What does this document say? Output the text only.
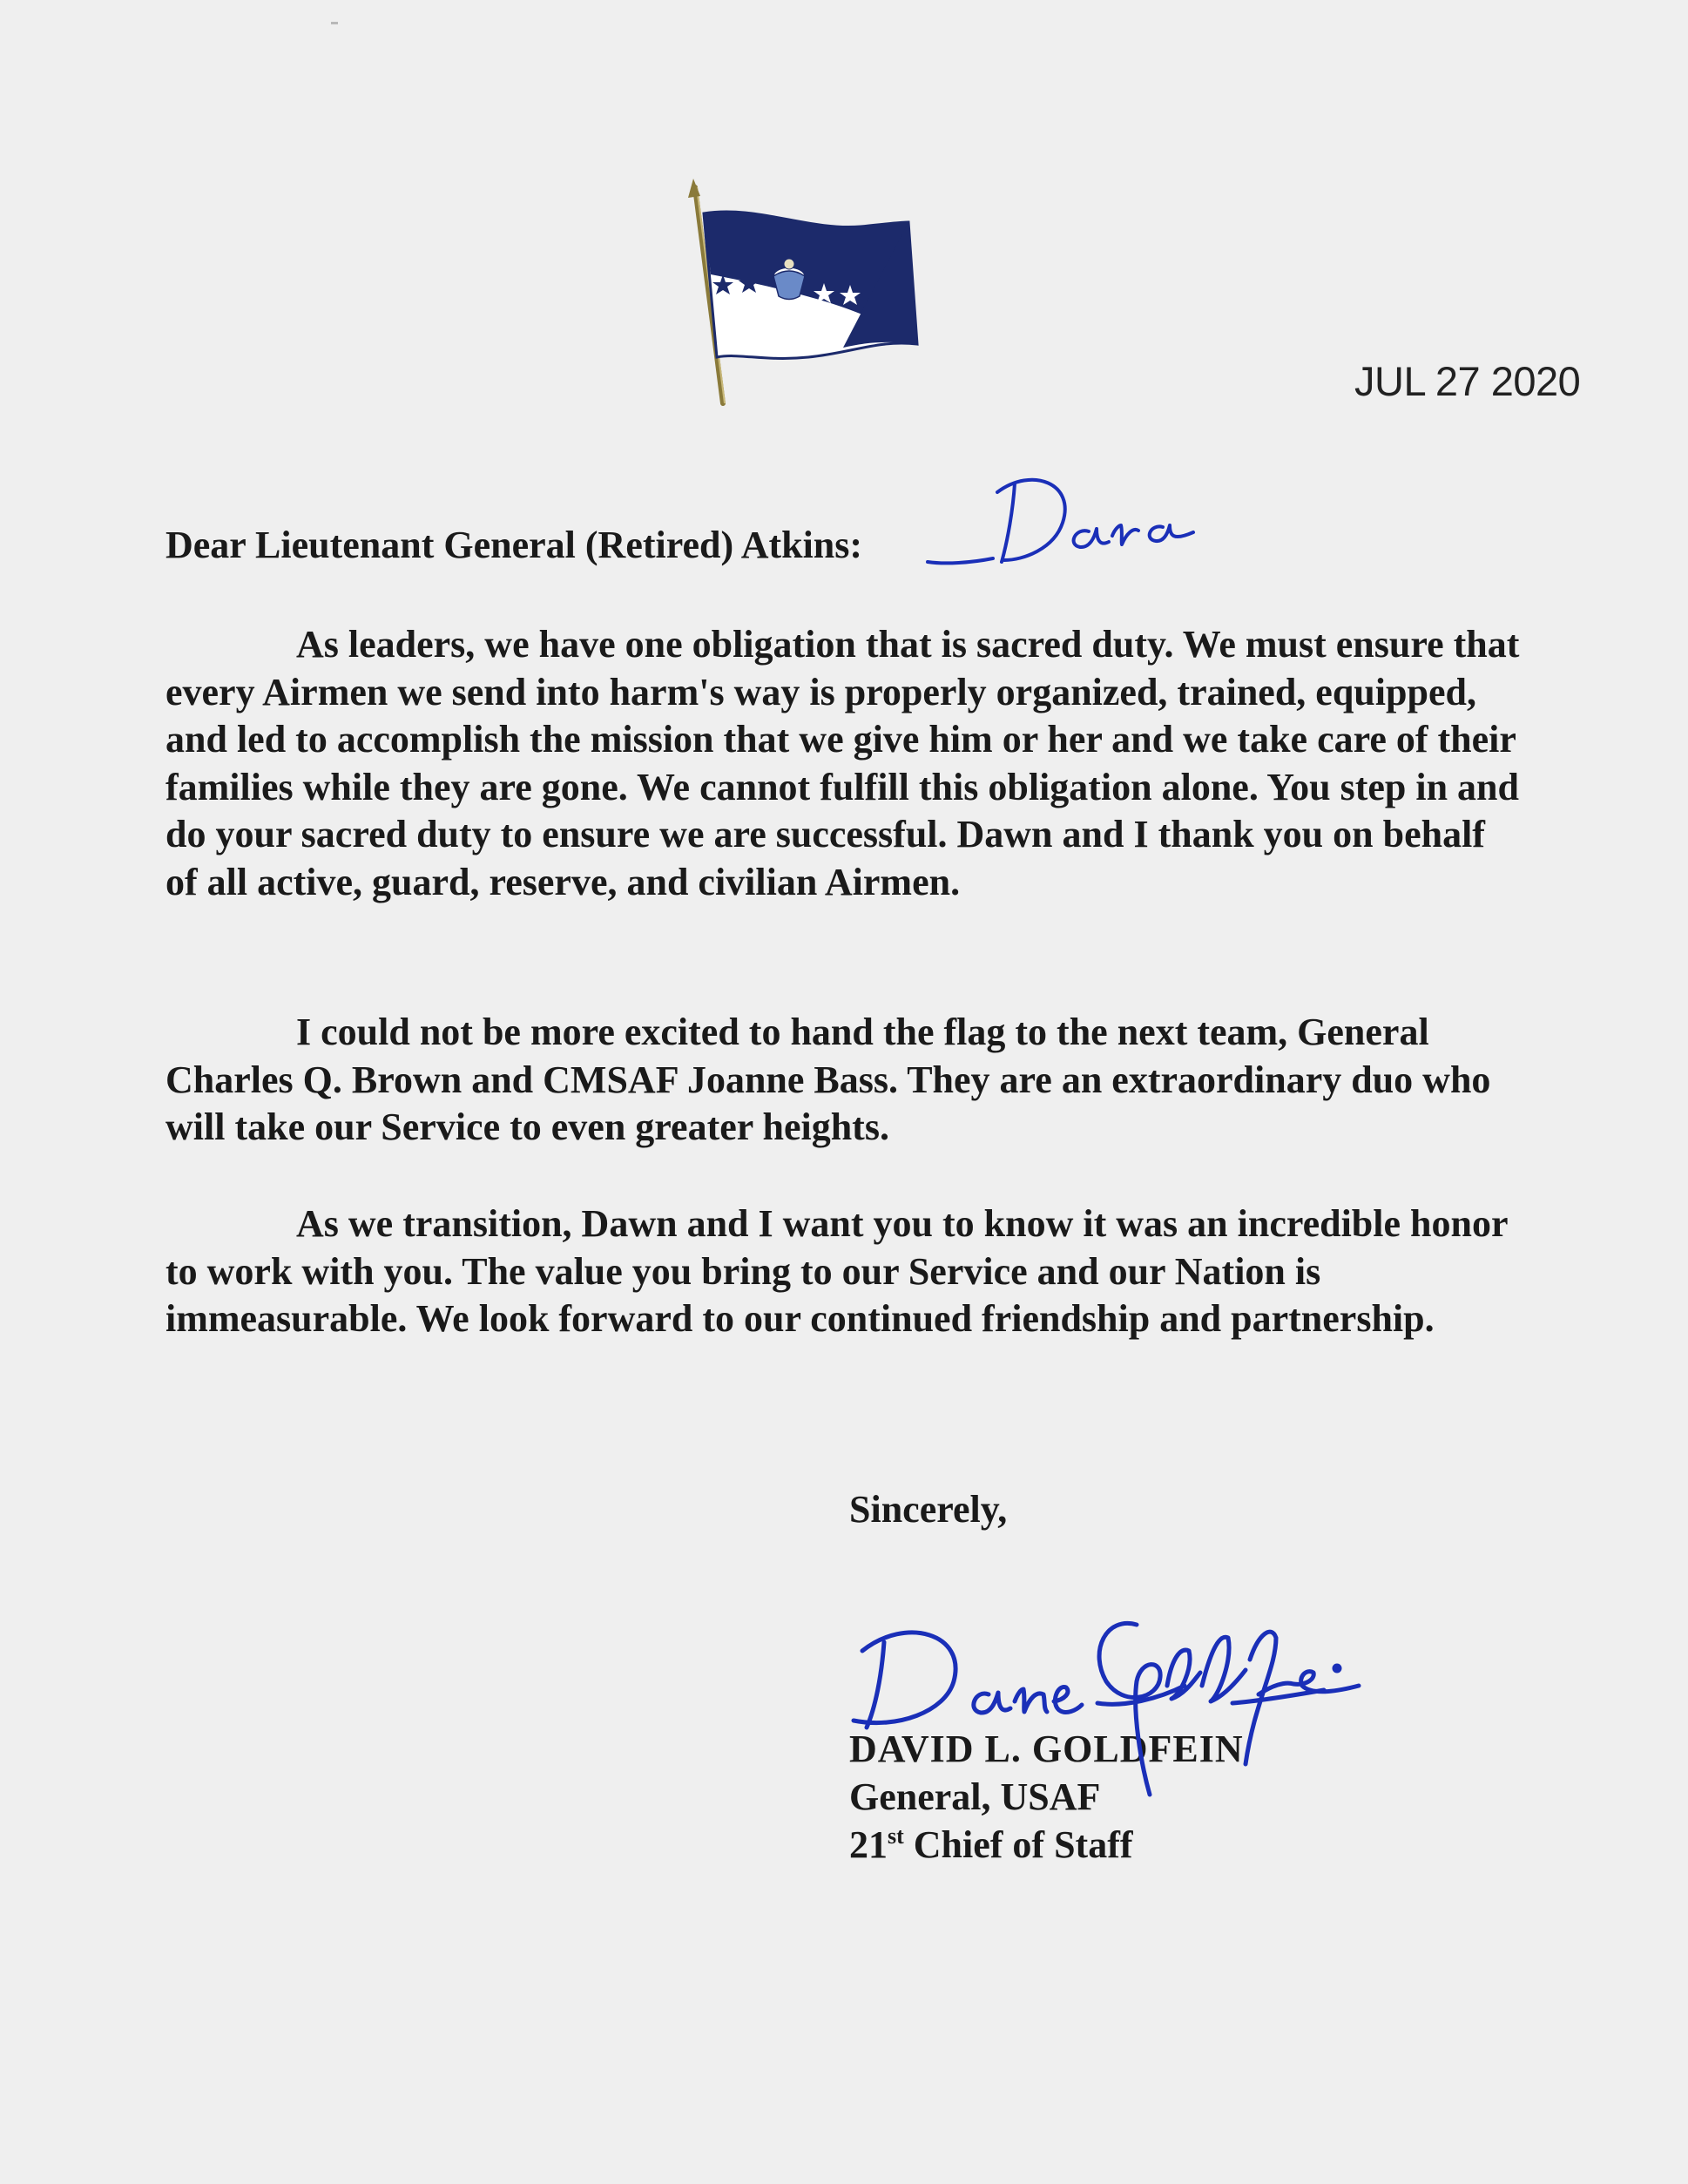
JUL 27 2020
Dear Lieutenant General (Retired) Atkins:

As leaders, we have one obligation that is sacred duty. We must ensure that every Airmen we send into harm's way is properly organized, trained, equipped, and led to accomplish the mission that we give him or her and we take care of their families while they are gone. We cannot fulfill this obligation alone. You step in and do your sacred duty to ensure we are successful. Dawn and I thank you on behalf of all active, guard, reserve, and civilian Airmen.

I could not be more excited to hand the flag to the next team, General Charles Q. Brown and CMSAF Joanne Bass. They are an extraordinary duo who will take our Service to even greater heights.

As we transition, Dawn and I want you to know it was an incredible honor to work with you. The value you bring to our Service and our Nation is immeasurable. We look forward to our continued friendship and partnership.

Sincerely,
DAVID L. GOLDFEIN
General, USAF
21st Chief of Staff
